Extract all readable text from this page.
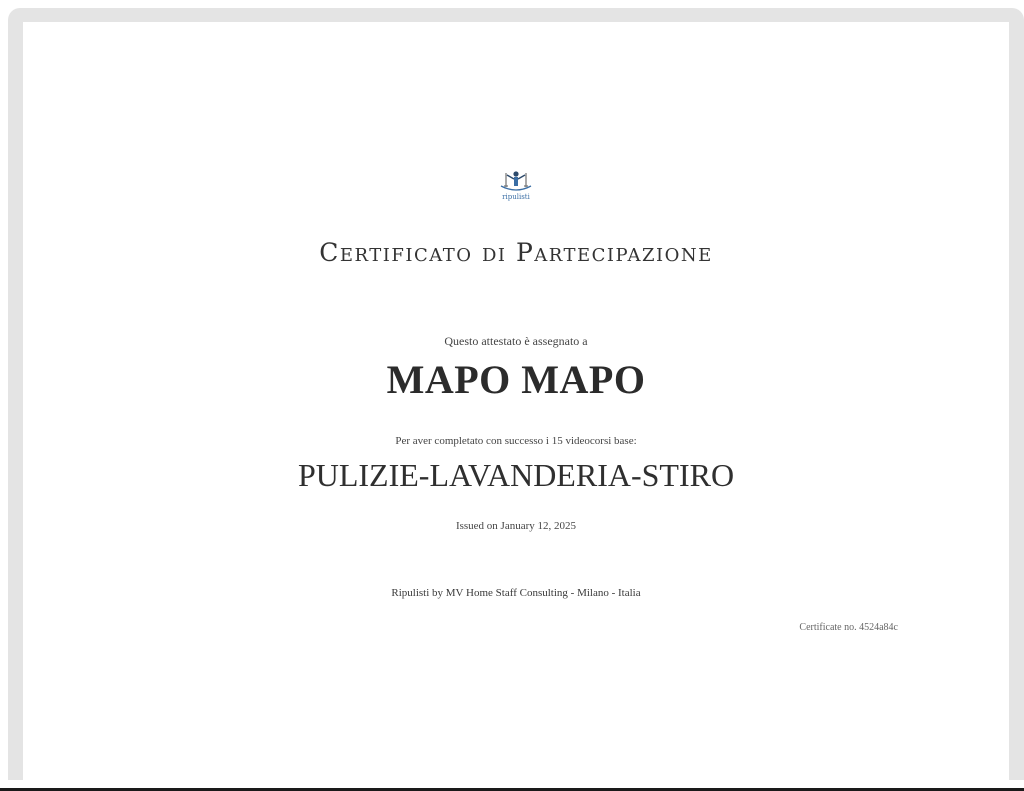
ripulisti
Certificato di Partecipazione
Questo attestato è assegnato a
MAPO MAPO
Per aver completato con successo i 15 videocorsi base:
PULIZIE-LAVANDERIA-STIRO
Issued on January 12, 2025
Ripulisti by MV Home Staff Consulting - Milano - Italia
Certificate no. 4524a84c
